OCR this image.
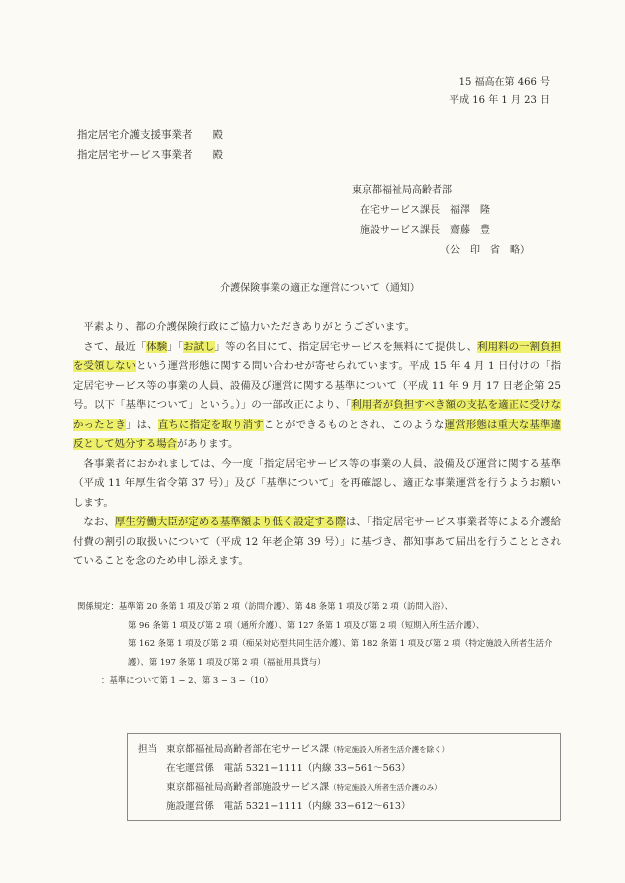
15 福高在第 466 号
平成 16 年 1 月 23 日
指定居宅介護支援事業者 殿
指定居宅サービス事業者 殿
東京都福祉局高齢者部
在宅サービス課長 福澤　隆
施設サービス課長 齋藤　豊
（公　印　省　略）
介護保険事業の適正な運営について（通知）

平素より、都の介護保険行政にご協力いただきありがとうございます。

さて、最近「体験」「お試し」等の名目にて、指定居宅サービスを無料にて提供し、利用料の一割負担を受領しないという運営形態に関する問い合わせが寄せられています。平成 15 年 4 月 1 日付けの「指定居宅サービス等の事業の人員、設備及び運営に関する基準について（平成 11 年 9 月 17 日老企第 25 号。以下「基準について」という。）」の一部改正により、「利用者が負担すべき額の支払を適正に受けなかったとき」は、直ちに指定を取り消すことができるものとされ、このような運営形態は重大な基準違反として処分する場合があります。

各事業者におかれましては、今一度「指定居宅サービス等の事業の人員、設備及び運営に関する基準（平成 11 年厚生省令第 37 号）」及び「基準について」を再確認し、適正な事業運営を行うようお願いします。

なお、厚生労働大臣が定める基準額より低く設定する際は、「指定居宅サービス事業者等による介護給付費の割引の取扱いについて（平成 12 年老企第 39 号）」に基づき、都知事あて届出を行うこととされていることを念のため申し添えます。

関係規定：基準第 20 条第 1 項及び第 2 項（訪問介護）、第 48 条第 1 項及び第 2 項（訪問入浴）、
第 96 条第 1 項及び第 2 項（通所介護）、第 127 条第 1 項及び第 2 項（短期入所生活介護）、
第 162 条第 1 項及び第 2 項（痴呆対応型共同生活介護）、第 182 条第 1 項及び第 2 項（特定施設入所者生活介護）、第 197 条第 1 項及び第 2 項（福祉用具貸与）
：基準について第 1 − 2、第 3 − 3 −（10）
担当 東京都福祉局高齢者部在宅サービス課（特定施設入所者生活介護を除く）
在宅運営係　 電話 5321−1111（内線 33−561〜563）
東京都福祉局高齢者部施設サービス課（特定施設入所者生活介護のみ）
施設運営係　 電話 5321−1111（内線 33−612〜613）
